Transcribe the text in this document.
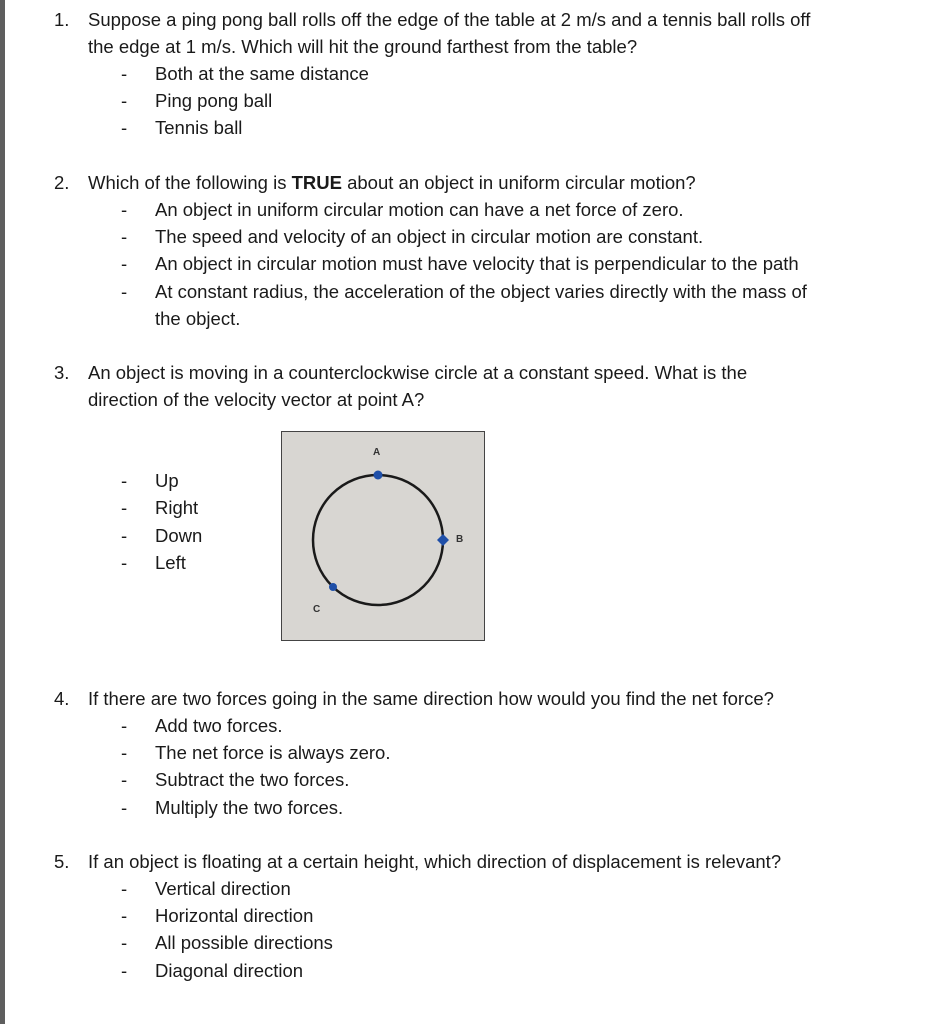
1. Suppose a ping pong ball rolls off the edge of the table at 2 m/s and a tennis ball rolls off
the edge at 1 m/s. Which will hit the ground farthest from the table?
- Both at the same distance
- Ping pong ball
- Tennis ball
2. Which of the following is TRUE about an object in uniform circular motion?
- An object in uniform circular motion can have a net force of zero.
- The speed and velocity of an object in circular motion are constant.
- An object in circular motion must have velocity that is perpendicular to the path
- At constant radius, the acceleration of the object varies directly with the mass of
the object.
3. An object is moving in a counterclockwise circle at a constant speed. What is the
direction of the velocity vector at point A?
- Up
- Right
- Down
- Left
A
B
C
4. If there are two forces going in the same direction how would you find the net force?
- Add two forces.
- The net force is always zero.
- Subtract the two forces.
- Multiply the two forces.
5. If an object is floating at a certain height, which direction of displacement is relevant?
- Vertical direction
- Horizontal direction
- All possible directions
- Diagonal direction
